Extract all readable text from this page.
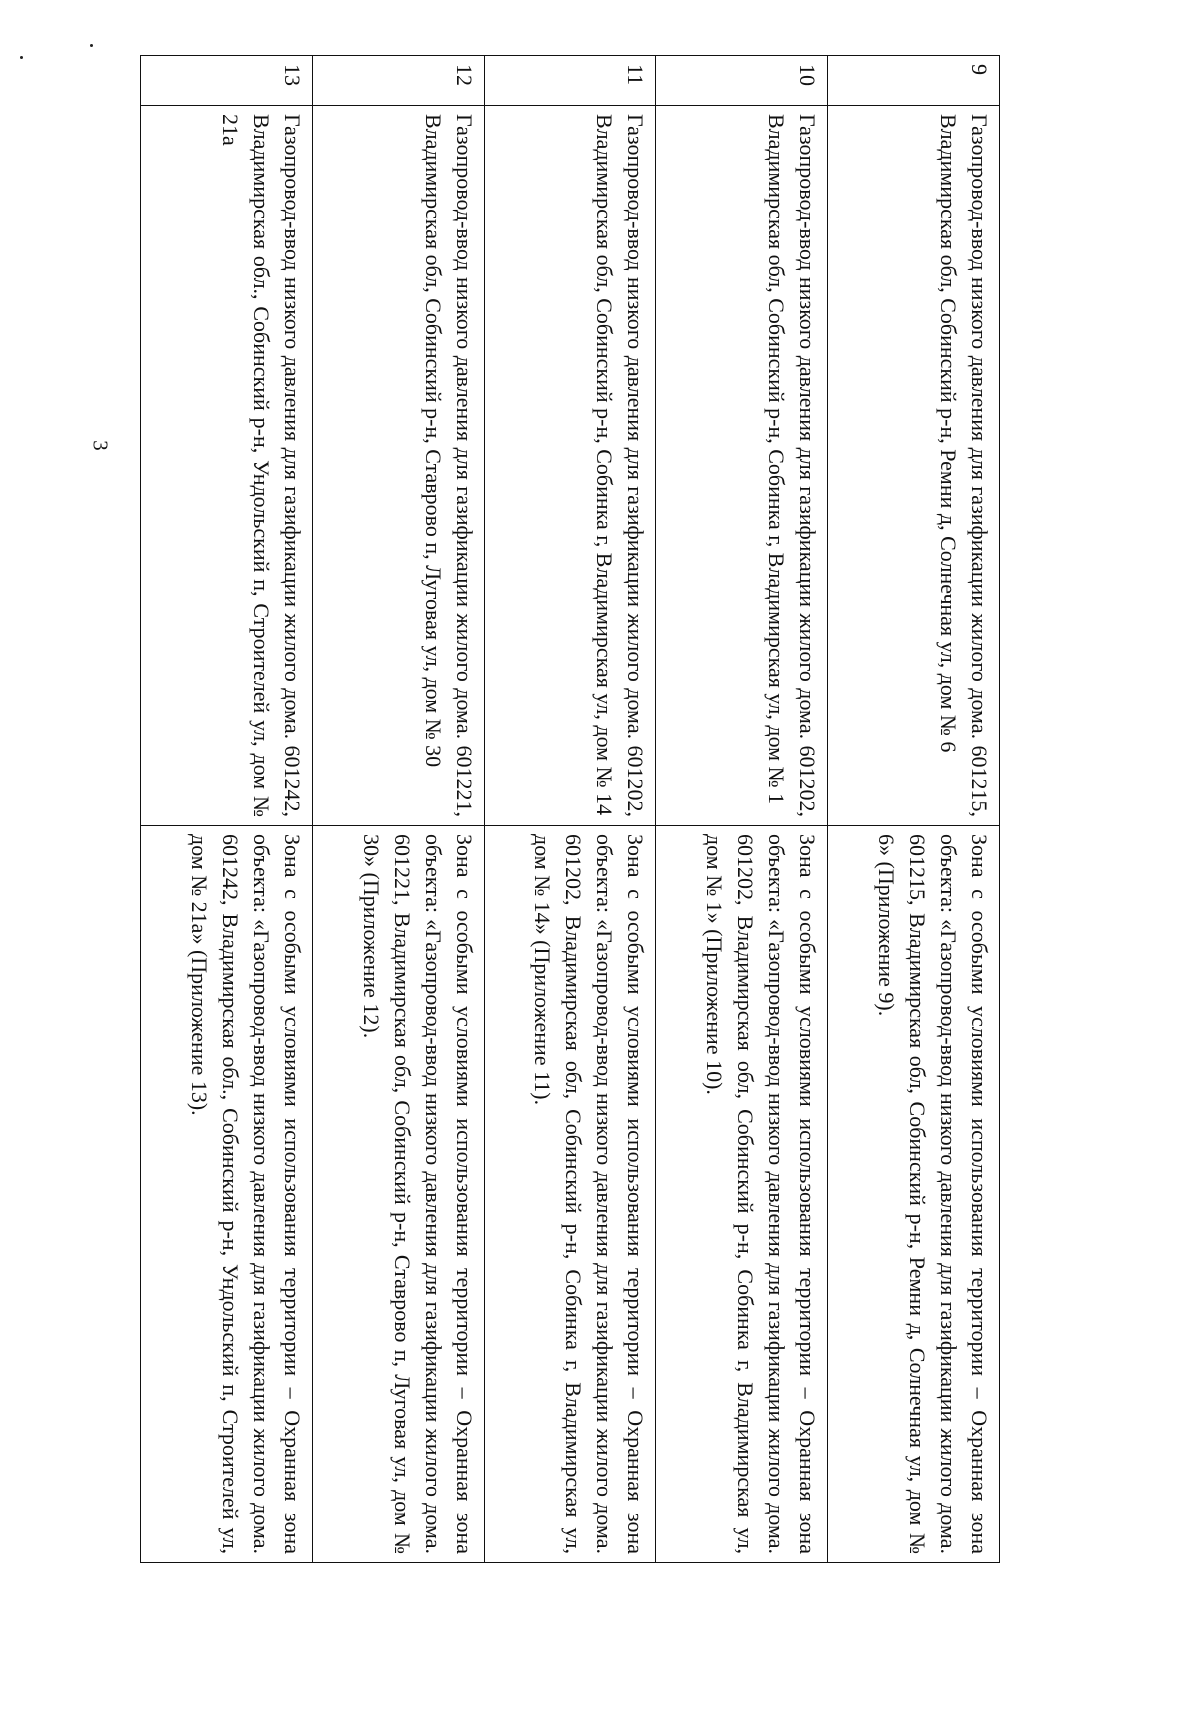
3
9	Газопровод-ввод низкого давления для газификации жилого дома. 601215, Владимирская обл, Собинский р-н, Ремни д, Солнечная ул, дом № 6	Зона с особыми условиями использования территории – Охранная зона объекта: «Газопровод-ввод низкого давления для газификации жилого дома. 601215, Владимирская обл, Собинский р-н, Ремни д, Солнечная ул, дом № 6» (Приложение 9).
10	Газопровод-ввод низкого давления для газификации жилого дома. 601202, Владимирская обл, Собинский р-н, Собинка г, Владимирская ул, дом № 1	Зона с особыми условиями использования территории – Охранная зона объекта: «Газопровод-ввод низкого давления для газификации жилого дома. 601202, Владимирская обл, Собинский р-н, Собинка г, Владимирская ул, дом № 1» (Приложение 10).
11	Газопровод-ввод низкого давления для газификации жилого дома. 601202, Владимирская обл, Собинский р-н, Собинка г, Владимирская ул, дом № 14	Зона с особыми условиями использования территории – Охранная зона объекта: «Газопровод-ввод низкого давления для газификации жилого дома. 601202, Владимирская обл, Собинский р-н, Собинка г, Владимирская ул, дом № 14» (Приложение 11).
12	Газопровод-ввод низкого давления для газификации жилого дома. 601221, Владимирская обл, Собинский р-н, Ставрово п, Луговая ул, дом № 30	Зона с особыми условиями использования территории – Охранная зона объекта: «Газопровод-ввод низкого давления для газификации жилого дома. 601221, Владимирская обл, Собинский р-н, Ставрово п, Луговая ул, дом № 30» (Приложение 12).
13	Газопровод-ввод низкого давления для газификации жилого дома. 601242, Владимирская обл., Собинский р-н, Ундольский п, Строителей ул, дом № 21а	Зона с особыми условиями использования территории – Охранная зона объекта: «Газопровод-ввод низкого давления для газификации жилого дома. 601242, Владимирская обл., Собинский р-н, Ундольский п, Строителей ул, дом № 21а» (Приложение 13).
